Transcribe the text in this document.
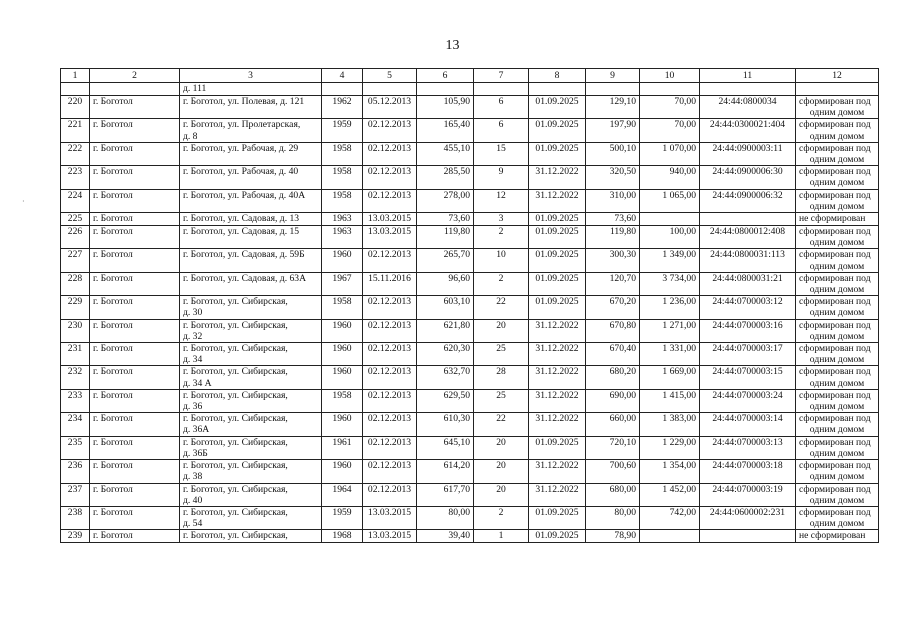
13
·
1	2	3	4	5	6	7	8	9	10	11	12
		д. 111									
220	г. Боготол	г. Боготол, ул. Полевая, д. 121	1962	05.12.2013	105,90	6	01.09.2025	129,10	70,00	24:44:0800034	сформирован под
одним домом

221	г. Боготол	г. Боготол, ул. Пролетарская,
д. 8	1959	02.12.2013	165,40	6	01.09.2025	197,90	70,00	24:44:0300021:404	сформирован под
одним домом

222	г. Боготол	г. Боготол, ул. Рабочая, д. 29	1958	02.12.2013	455,10	15	01.09.2025	500,10	1 070,00	24:44:0900003:11	сформирован под
одним домом

223	г. Боготол	г. Боготол, ул. Рабочая, д. 40	1958	02.12.2013	285,50	9	31.12.2022	320,50	940,00	24:44:0900006:30	сформирован под
одним домом

224	г. Боготол	г. Боготол, ул. Рабочая, д. 40А	1958	02.12.2013	278,00	12	31.12.2022	310,00	1 065,00	24:44:0900006:32	сформирован под
одним домом

225	г. Боготол	г. Боготол, ул. Садовая, д. 13	1963	13.03.2015	73,60	3	01.09.2025	73,60			не сформирован

226	г. Боготол	г. Боготол, ул. Садовая, д. 15	1963	13.03.2015	119,80	2	01.09.2025	119,80	100,00	24:44:0800012:408	сформирован под
одним домом

227	г. Боготол	г. Боготол, ул. Садовая, д. 59Б	1960	02.12.2013	265,70	10	01.09.2025	300,30	1 349,00	24:44:0800031:113	сформирован под
одним домом

228	г. Боготол	г. Боготол, ул. Садовая, д. 63А	1967	15.11.2016	96,60	2	01.09.2025	120,70	3 734,00	24:44:0800031:21	сформирован под
одним домом

229	г. Боготол	г. Боготол, ул. Сибирская,
д. 30	1958	02.12.2013	603,10	22	01.09.2025	670,20	1 236,00	24:44:0700003:12	сформирован под
одним домом

230	г. Боготол	г. Боготол, ул. Сибирская,
д. 32	1960	02.12.2013	621,80	20	31.12.2022	670,80	1 271,00	24:44:0700003:16	сформирован под
одним домом

231	г. Боготол	г. Боготол, ул. Сибирская,
д. 34	1960	02.12.2013	620,30	25	31.12.2022	670,40	1 331,00	24:44:0700003:17	сформирован под
одним домом

232	г. Боготол	г. Боготол, ул. Сибирская,
д. 34 А	1960	02.12.2013	632,70	28	31.12.2022	680,20	1 669,00	24:44:0700003:15	сформирован под
одним домом

233	г. Боготол	г. Боготол, ул. Сибирская,
д. 36	1958	02.12.2013	629,50	25	31.12.2022	690,00	1 415,00	24:44:0700003:24	сформирован под
одним домом

234	г. Боготол	г. Боготол, ул. Сибирская,
д. 36А	1960	02.12.2013	610,30	22	31.12.2022	660,00	1 383,00	24:44:0700003:14	сформирован под
одним домом

235	г. Боготол	г. Боготол, ул. Сибирская,
д. 36Б	1961	02.12.2013	645,10	20	01.09.2025	720,10	1 229,00	24:44:0700003:13	сформирован под
одним домом

236	г. Боготол	г. Боготол, ул. Сибирская,
д. 38	1960	02.12.2013	614,20	20	31.12.2022	700,60	1 354,00	24:44:0700003:18	сформирован под
одним домом

237	г. Боготол	г. Боготол, ул. Сибирская,
д. 40	1964	02.12.2013	617,70	20	31.12.2022	680,00	1 452,00	24:44:0700003:19	сформирован под
одним домом

238	г. Боготол	г. Боготол, ул. Сибирская,
д. 54	1959	13.03.2015	80,00	2	01.09.2025	80,00	742,00	24:44:0600002:231	сформирован под
одним домом

239	г. Боготол	г. Боготол, ул. Сибирская,	1968	13.03.2015	39,40	1	01.09.2025	78,90			не сформирован
